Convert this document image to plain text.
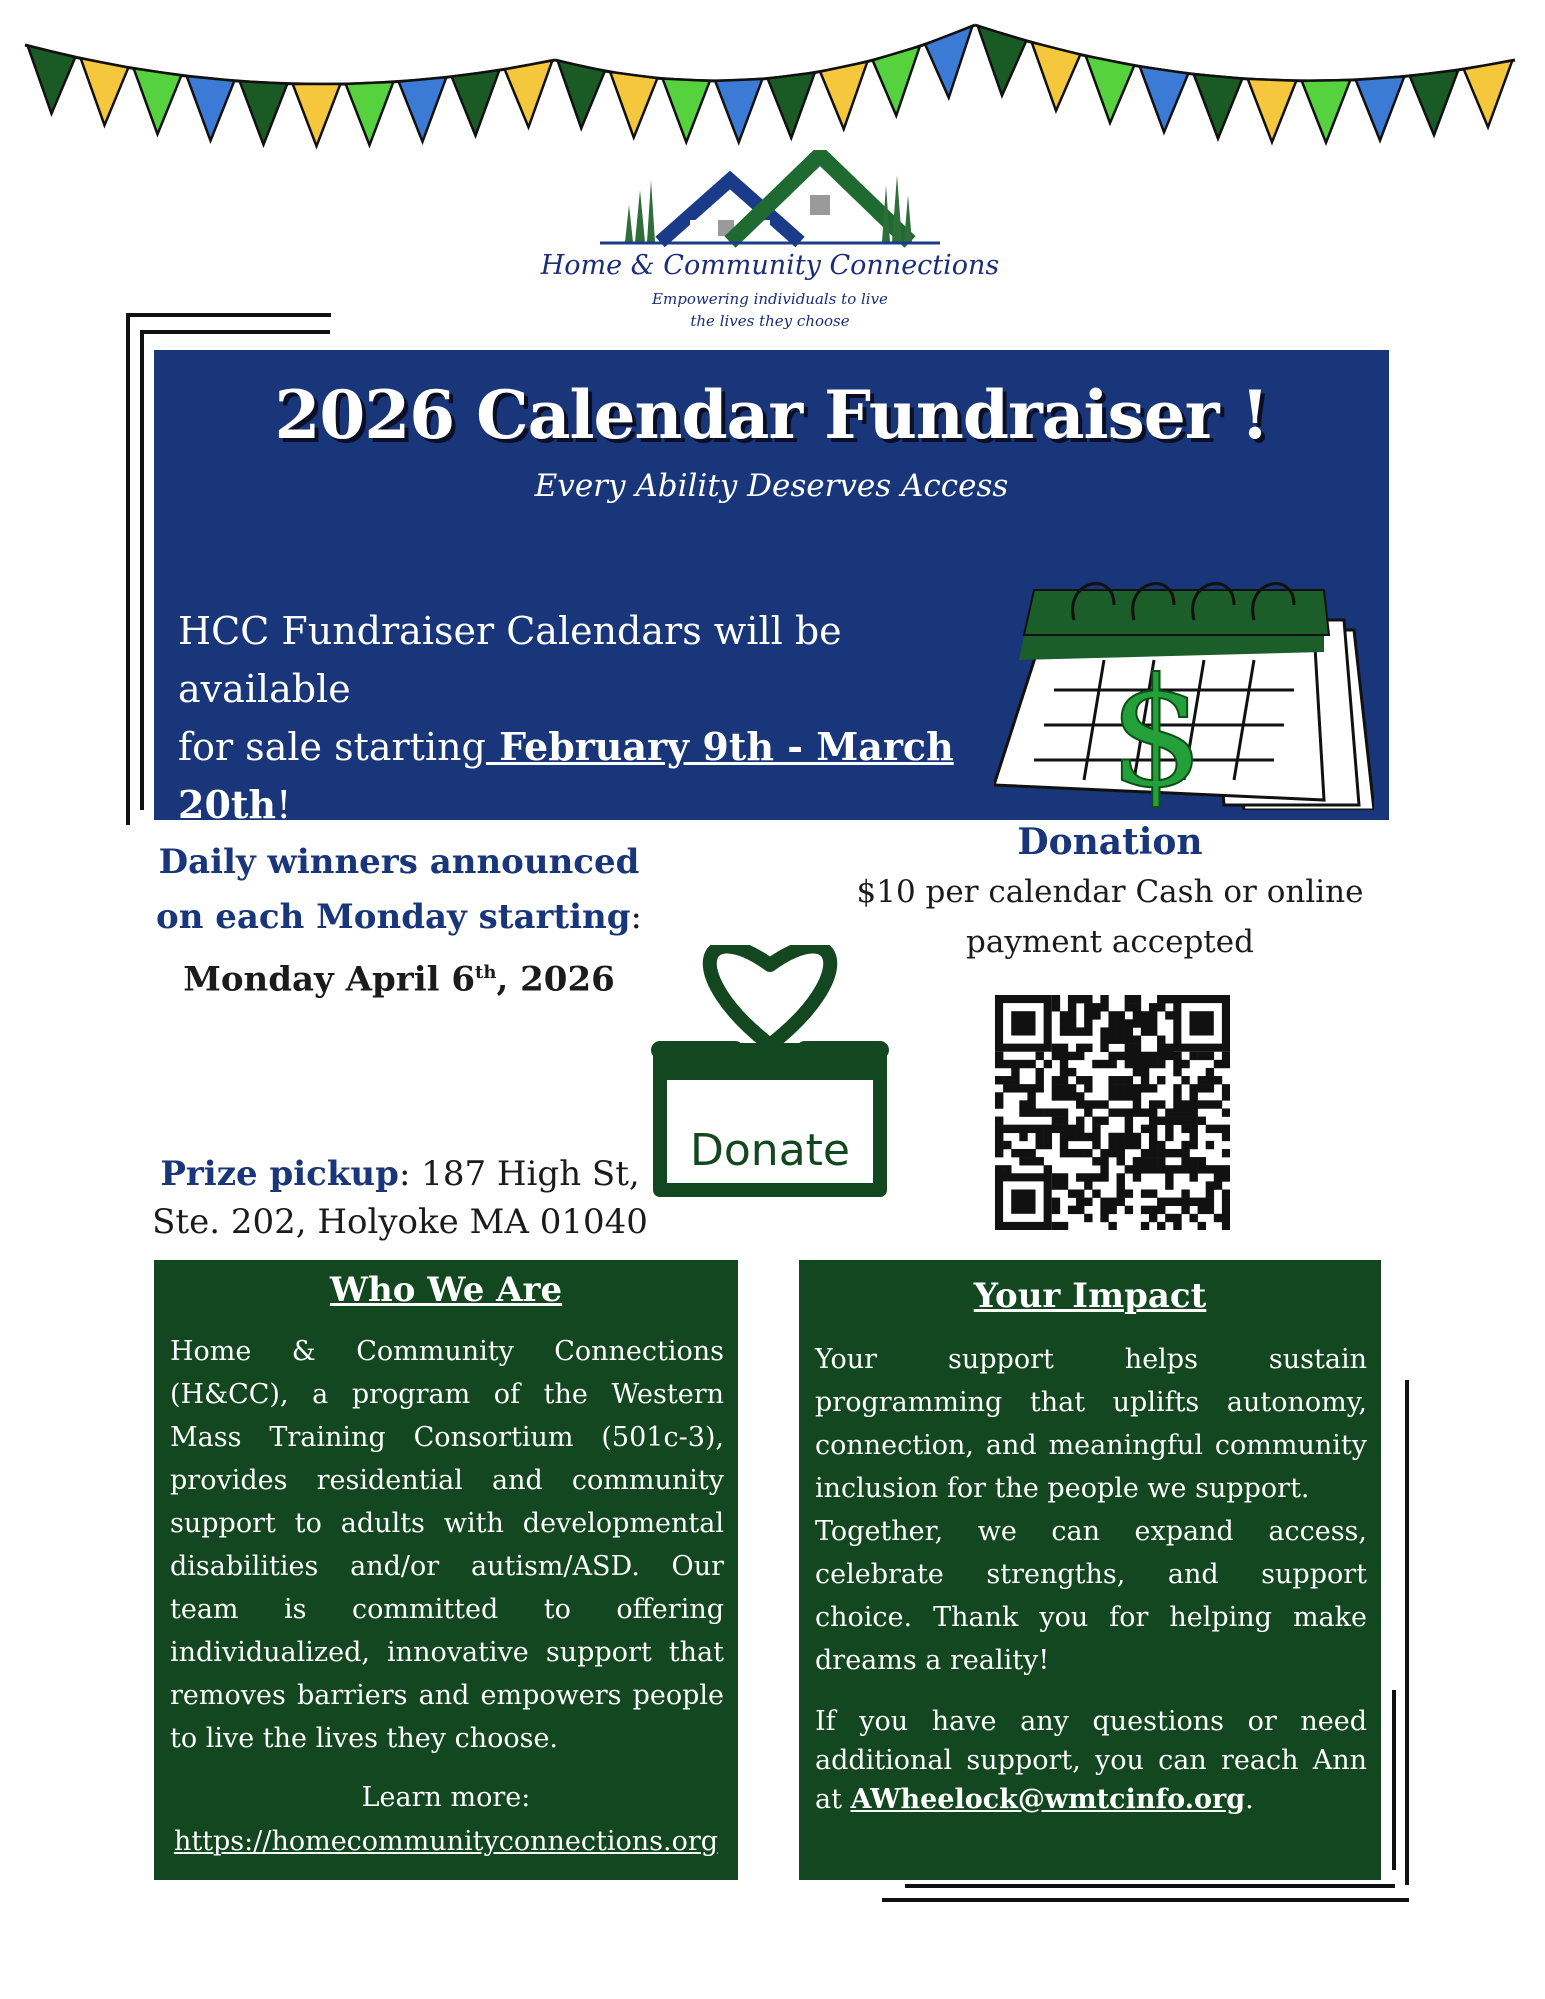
Home & Community Connections
Empowering individuals to live
the lives they choose
2026 Calendar Fundraiser !
Every Ability Deserves Access
HCC Fundraiser Calendars will be available
for sale starting February 9th - March 20th!	$
Daily winners announced
on each Monday starting:
Monday April 6th, 2026
Prize pickup: 187 High St,
Ste. 202, Holyoke MA 01040
Donation
$10 per calendar Cash or online
payment accepted
Donate
Who We Are
Home & Community Connections (H&CC), a program of the Western Mass Training Consortium (501c-3), provides residential and community support to adults with developmental disabilities and/or autism/ASD. Our team is committed to offering individualized, innovative support that removes barriers and empowers people to live the lives they choose.
Learn more:
https://homecommunityconnections.org
Your Impact
Your support helps sustain programming that uplifts autonomy, connection, and meaningful community inclusion for the people we support.
Together, we can expand access, celebrate strengths, and support choice. Thank you for helping make dreams a reality!
If you have any questions or need additional support, you can reach Ann at AWheelock@wmtcinfo.org.
